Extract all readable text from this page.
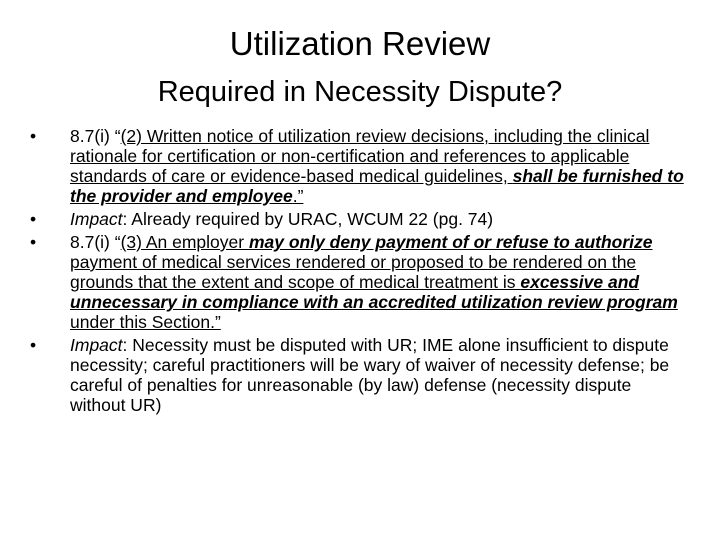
Utilization Review
Required in Necessity Dispute?
• 8.7(i) “(2) Written notice of utilization review decisions, including the clinical rationale for certification or non-certification and references to applicable standards of care or evidence-based medical guidelines, shall be furnished to the provider and employee.”
• Impact: Already required by URAC, WCUM 22 (pg. 74)
• 8.7(i) “(3) An employer may only deny payment of or refuse to authorize payment of medical services rendered or proposed to be rendered on the grounds that the extent and scope of medical treatment is excessive and unnecessary in compliance with an accredited utilization review program under this Section.”
• Impact: Necessity must be disputed with UR; IME alone insufficient to dispute necessity; careful practitioners will be wary of waiver of necessity defense; be careful of penalties for unreasonable (by law) defense (necessity dispute without UR)
